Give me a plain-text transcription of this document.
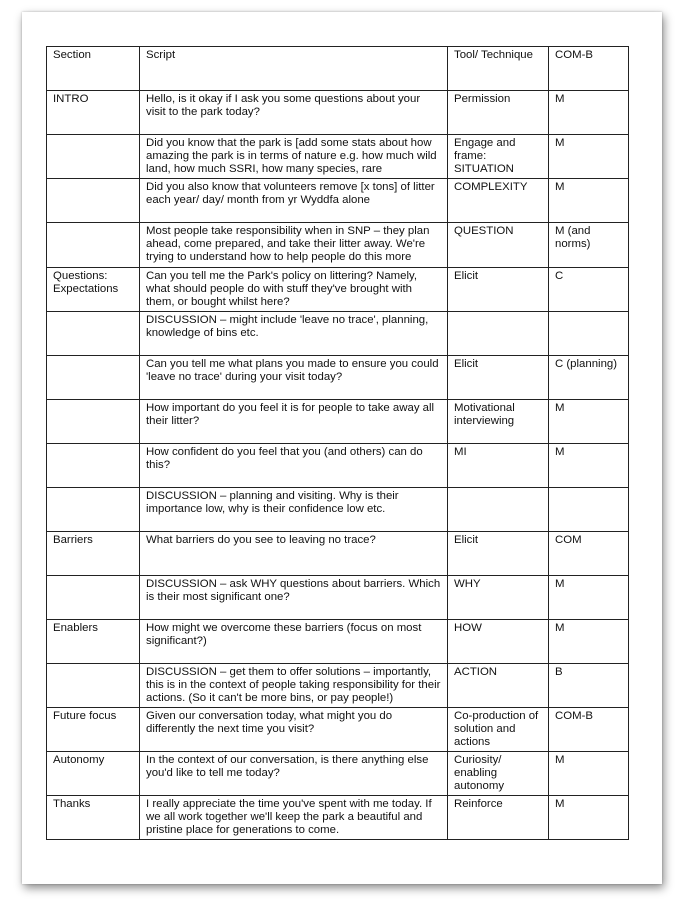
Section	Script	Tool/ Technique	COM-B

INTRO	Hello, is it okay if I ask you some questions about your visit to the park today?	Permission	M

	Did you know that the park is [add some stats about how amazing the park is in terms of nature e.g. how much wild land, how much SSRI, how many species, rare	Engage and frame: SITUATION	M

	Did you also know that volunteers remove [x tons] of litter each year/ day/ month from yr Wyddfa alone	COMPLEXITY	M

	Most people take responsibility when in SNP – they plan ahead, come prepared, and take their litter away. We're trying to understand how to help people do this more	QUESTION	M (and norms)

Questions: Expectations	Can you tell me the Park's policy on littering? Namely, what should people do with stuff they've brought with them, or bought whilst here?	Elicit	C

	DISCUSSION – might include 'leave no trace', planning, knowledge of bins etc.		

	Can you tell me what plans you made to ensure you could 'leave no trace' during your visit today?	Elicit	C (planning)

	How important do you feel it is for people to take away all their litter?	Motivational interviewing	M

	How confident do you feel that you (and others) can do this?	MI	M

	DISCUSSION – planning and visiting. Why is their importance low, why is their confidence low etc.		

Barriers	What barriers do you see to leaving no trace?	Elicit	COM

	DISCUSSION – ask WHY questions about barriers. Which is their most significant one?	WHY	M

Enablers	How might we overcome these barriers (focus on most significant?)	HOW	M

	DISCUSSION – get them to offer solutions – importantly, this is in the context of people taking responsibility for their actions. (So it can't be more bins, or pay people!)	ACTION	B

Future focus	Given our conversation today, what might you do differently the next time you visit?	Co-production of solution and actions	COM-B

Autonomy	In the context of our conversation, is there anything else you'd like to tell me today?	Curiosity/ enabling autonomy	M

Thanks	I really appreciate the time you've spent with me today. If we all work together we'll keep the park a beautiful and pristine place for generations to come.	Reinforce	M
